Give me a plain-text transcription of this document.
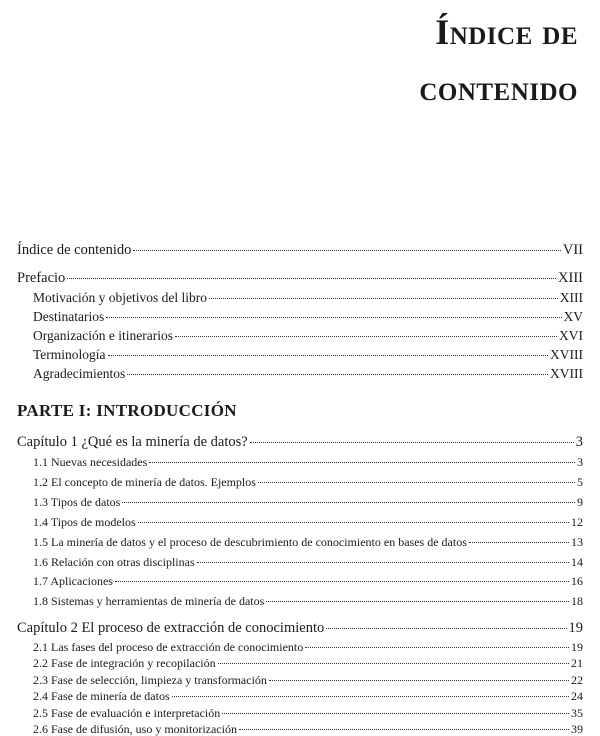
Índice de
contenido
Índice de contenido	VII
Prefacio	XIII
Motivación y objetivos del libro	XIII
Destinatarios	XV
Organización e itinerarios	XVI
Terminología	XVIII
Agradecimientos	XVIII
PARTE I: INTRODUCCIÓN
Capítulo 1 ¿Qué es la minería de datos?	3
1.1 Nuevas necesidades	3
1.2 El concepto de minería de datos. Ejemplos	5
1.3 Tipos de datos	9
1.4 Tipos de modelos	12
1.5 La minería de datos y el proceso de descubrimiento de conocimiento en bases de datos	13
1.6 Relación con otras disciplinas	14
1.7 Aplicaciones	16
1.8 Sistemas y herramientas de minería de datos	18
Capítulo 2 El proceso de extracción de conocimiento	19
2.1 Las fases del proceso de extracción de conocimiento	19
2.2 Fase de integración y recopilación	21
2.3 Fase de selección, limpieza y transformación	22
2.4 Fase de minería de datos	24
2.5 Fase de evaluación e interpretación	35
2.6 Fase de difusión, uso y monitorización	39
